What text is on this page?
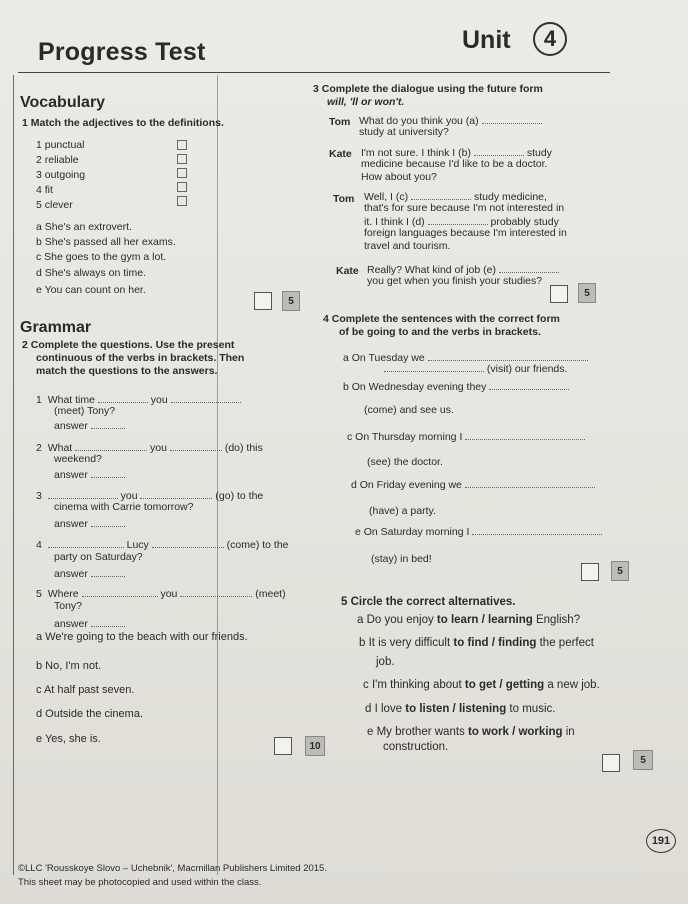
Progress Test	Unit	4
Vocabulary
1 Match the adjectives to the definitions.
1 punctual
2 reliable
3 outgoing
4 fit
5 clever
a She's an extrovert.
b She's passed all her exams.
c She goes to the gym a lot.
d She's always on time.
e You can count on her.
5
Grammar
2 Complete the questions. Use the present
continuous of the verbs in brackets. Then
match the questions to the answers.
1 What time	you
(meet) Tony?
answer
2 What	you	(do) this
weekend?
answer
3	you	(go) to the
cinema with Carrie tomorrow?
answer
4	Lucy	(come) to the
party on Saturday?
answer
5 Where	you	(meet)
Tony?
answer
a We're going to the beach with our friends.
b No, I'm not.
c At half past seven.
d Outside the cinema.
e Yes, she is.
10
3 Complete the dialogue using the future form
will, 'll or won't.
Tom What do you think you (a)
study at university?
Kate I'm not sure. I think I (b)	study
medicine because I'd like to be a doctor.
How about you?
Tom Well, I (c)	study medicine,
that's for sure because I'm not interested in
it. I think I (d)	probably study
foreign languages because I'm interested in
travel and tourism.
Kate Really? What kind of job (e)
you get when you finish your studies?
5
4 Complete the sentences with the correct form
of be going to and the verbs in brackets.
a On Tuesday we
(visit) our friends.
b On Wednesday evening they
(come) and see us.
c On Thursday morning I
(see) the doctor.
d On Friday evening we
(have) a party.
e On Saturday morning I
(stay) in bed!
5
5 Circle the correct alternatives.
a Do you enjoy to learn / learning English?
b It is very difficult to find / finding the perfect
job.
c I'm thinking about to get / getting a new job.
d I love to listen / listening to music.
e My brother wants to work / working in
construction.
5
191
©LLC 'Rousskoye Slovo – Uchebnik', Macmillan Publishers Limited 2015.
This sheet may be photocopied and used within the class.
